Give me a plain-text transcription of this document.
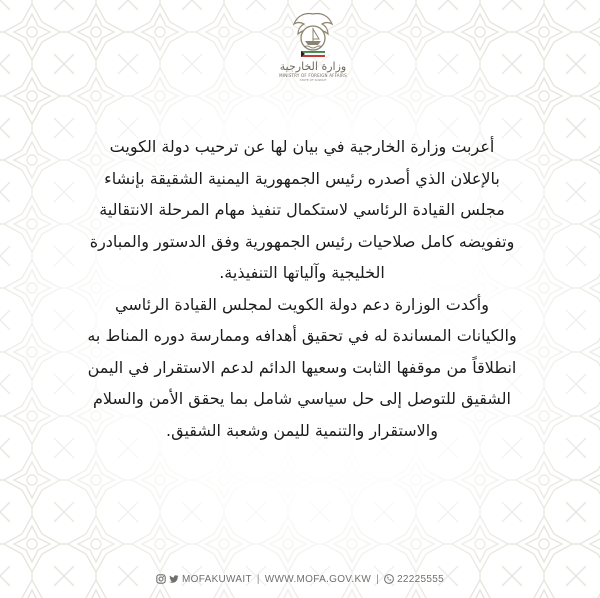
وزارة الخارجية
MINISTRY OF FOREIGN AFFAIRS
STATE OF KUWAIT
أعربت وزارة الخارجية في بيان لها عن ترحيب دولة الكويت
بالإعلان الذي أصدره رئيس الجمهورية اليمنية الشقيقة بإنشاء
مجلس القيادة الرئاسي لاستكمال تنفيذ مهام المرحلة الانتقالية
وتفويضه كامل صلاحيات رئيس الجمهورية وفق الدستور والمبادرة
الخليجية وآلياتها التنفيذية.
وأكدت الوزارة دعم دولة الكويت لمجلس القيادة الرئاسي
والكيانات المساندة له في تحقيق أهدافه وممارسة دوره المناط به
انطلاقاً من موقفها الثابت وسعيها الدائم لدعم الاستقرار في اليمن
الشقيق للتوصل إلى حل سياسي شامل بما يحقق الأمن والسلام
والاستقرار والتنمية لليمن وشعبة الشقيق.
MOFAKUWAIT | WWW.MOFA.GOV.KW | 22225555
